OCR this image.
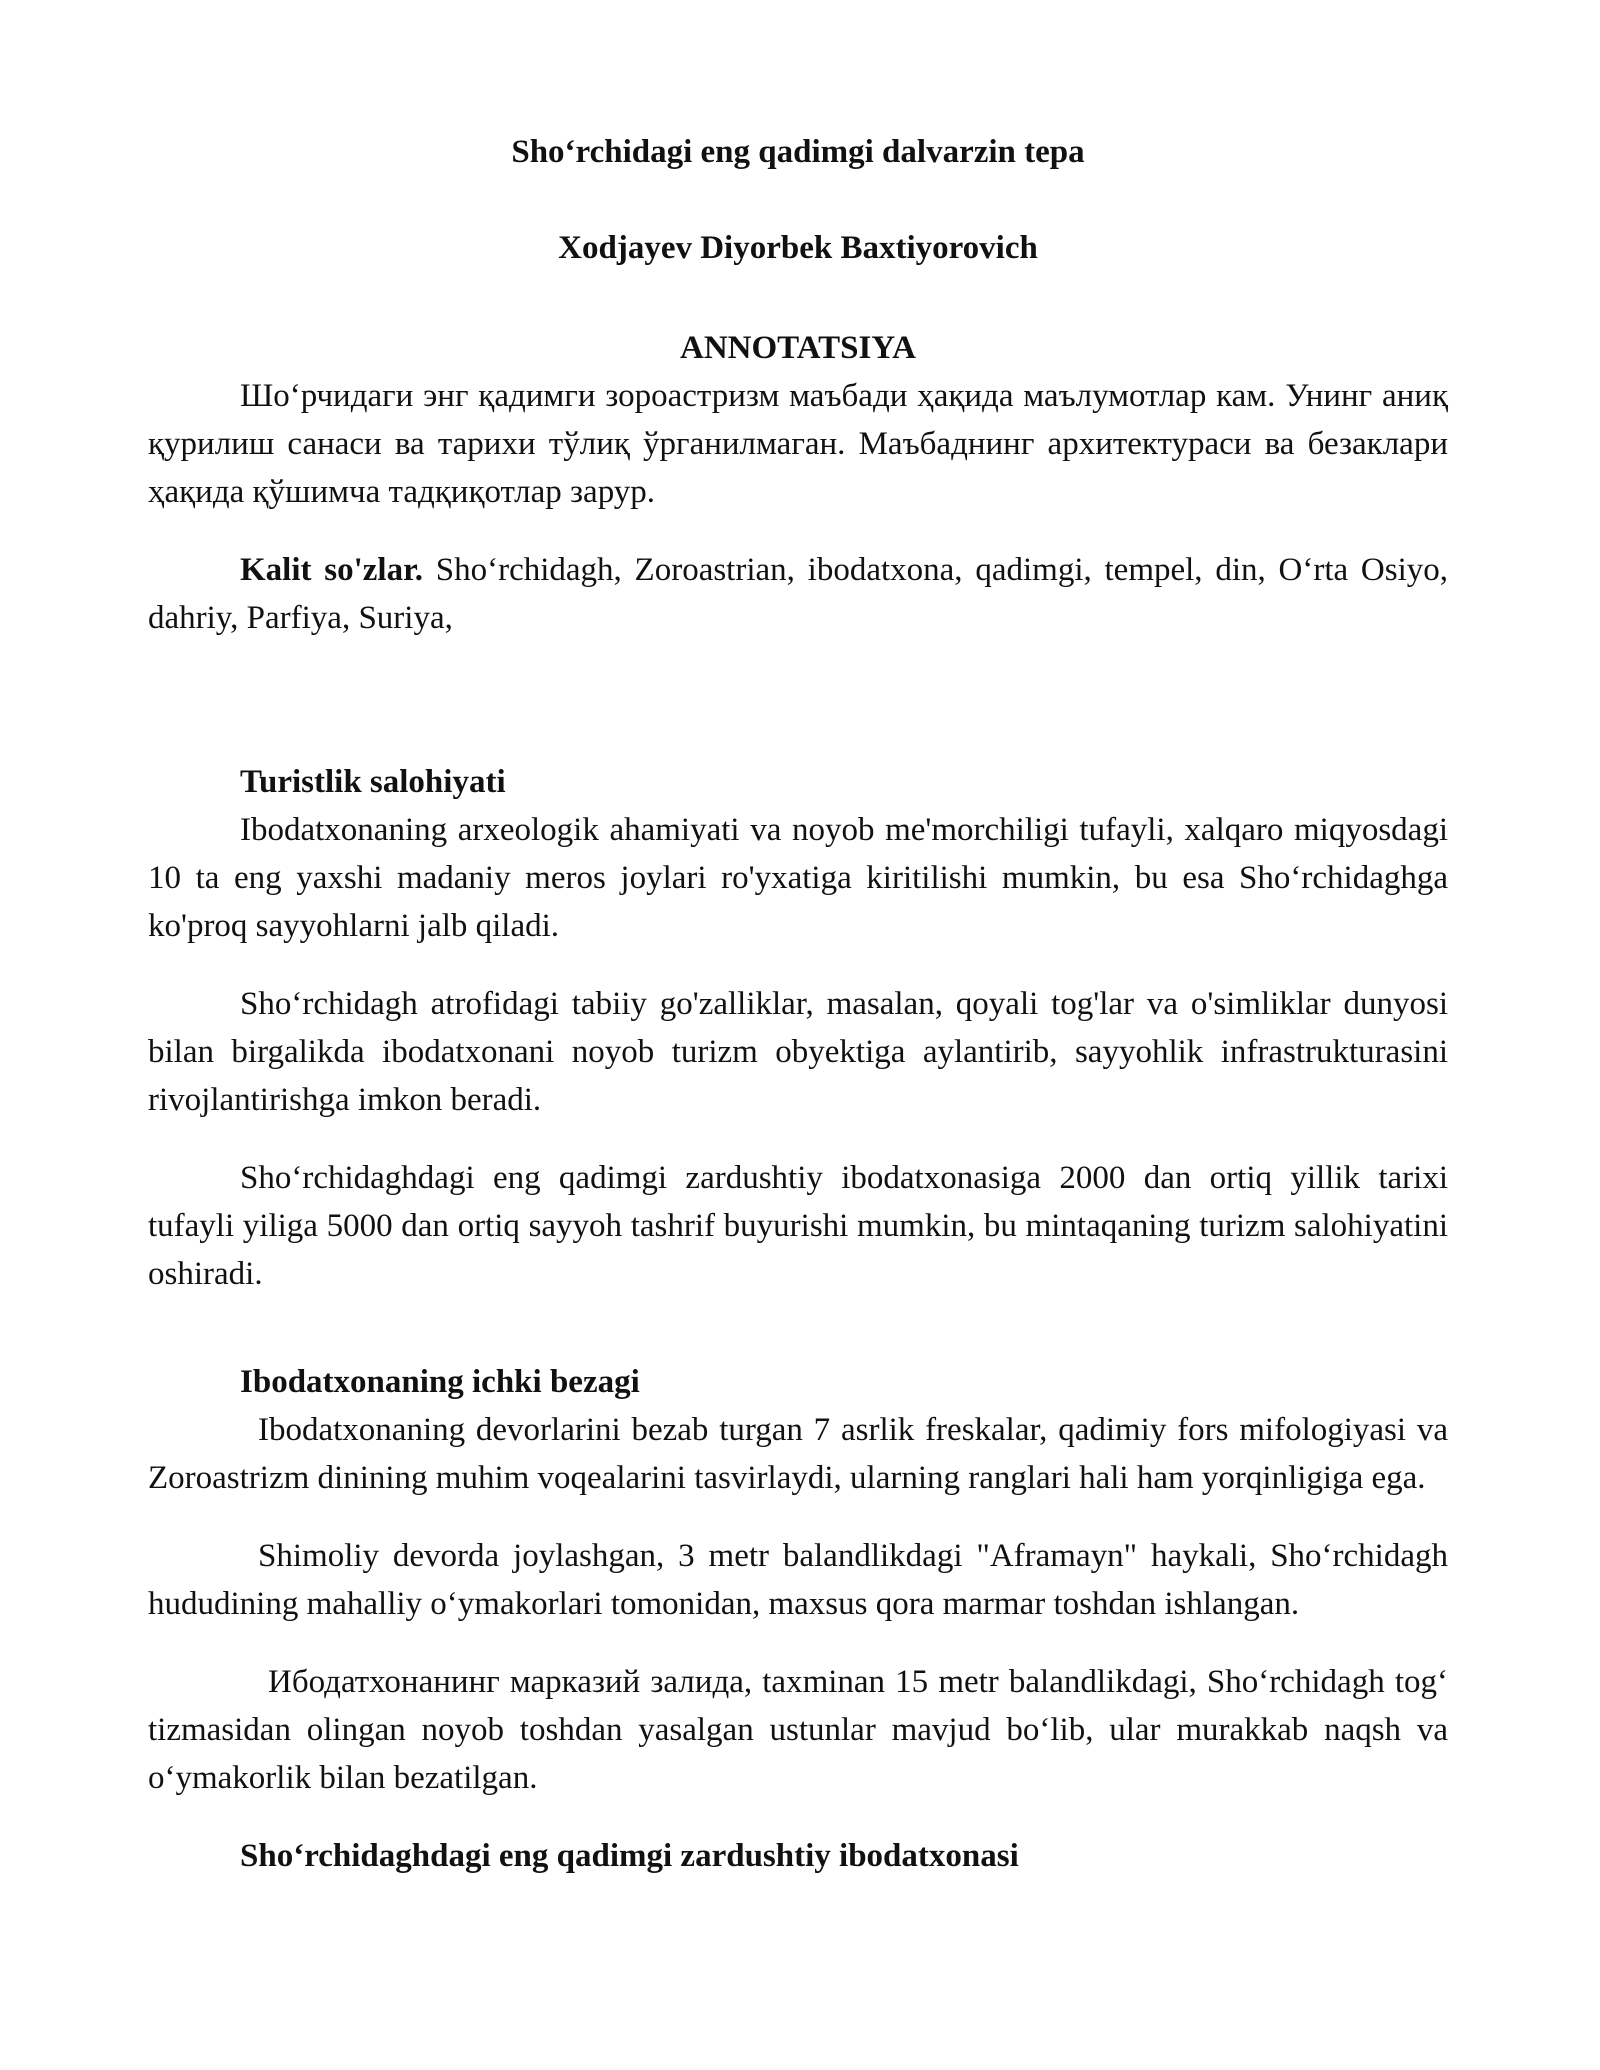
Sho‘rchidagi eng qadimgi dalvarzin tepa
Xodjayev Diyorbek Baxtiyorovich
ANNOTATSIYA

Шоʻрчидаги энг қадимги зороастризм маъбади ҳақида маълумотлар кам. Унинг аниқ қурилиш санаси ва тарихи тўлиқ ўрганилмаган. Маъбаднинг архитектураси ва безаклари ҳақида қўшимча тадқиқотлар зарур.

Kalit so'zlar. Sho‘rchidagh, Zoroastrian, ibodatxona, qadimgi, tempel, din, O‘rta Osiyo, dahriy, Parfiya, Suriya,

Turistlik salohiyati

Ibodatxonaning arxeologik ahamiyati va noyob me'morchiligi tufayli, xalqaro miqyosdagi 10 ta eng yaxshi madaniy meros joylari ro'yxatiga kiritilishi mumkin, bu esa Sho‘rchidaghga ko'proq sayyohlarni jalb qiladi.

Sho‘rchidagh atrofidagi tabiiy go'zalliklar, masalan, qoyali tog'lar va o'simliklar dunyosi bilan birgalikda ibodatxonani noyob turizm obyektiga aylantirib, sayyohlik infrastrukturasini rivojlantirishga imkon beradi.

Sho‘rchidaghdagi eng qadimgi zardushtiy ibodatxonasiga 2000 dan ortiq yillik tarixi tufayli yiliga 5000 dan ortiq sayyoh tashrif buyurishi mumkin, bu mintaqaning turizm salohiyatini oshiradi.

Ibodatxonaning ichki bezagi

Ibodatxonaning devorlarini bezab turgan 7 asrlik freskalar, qadimiy fors mifologiyasi va Zoroastrizm dinining muhim voqealarini tasvirlaydi, ularning ranglari hali ham yorqinligiga ega.

Shimoliy devorda joylashgan, 3 metr balandlikdagi "Aframayn" haykali, Sho‘rchidagh hududining mahalliy o‘ymakorlari tomonidan, maxsus qora marmar toshdan ishlangan.

Ибодатхонанинг марказий залида, taxminan 15 metr balandlikdagi, Sho‘rchidagh tog‘ tizmasidan olingan noyob toshdan yasalgan ustunlar mavjud bo‘lib, ular murakkab naqsh va o‘ymakorlik bilan bezatilgan.

Sho‘rchidaghdagi eng qadimgi zardushtiy ibodatxonasi
